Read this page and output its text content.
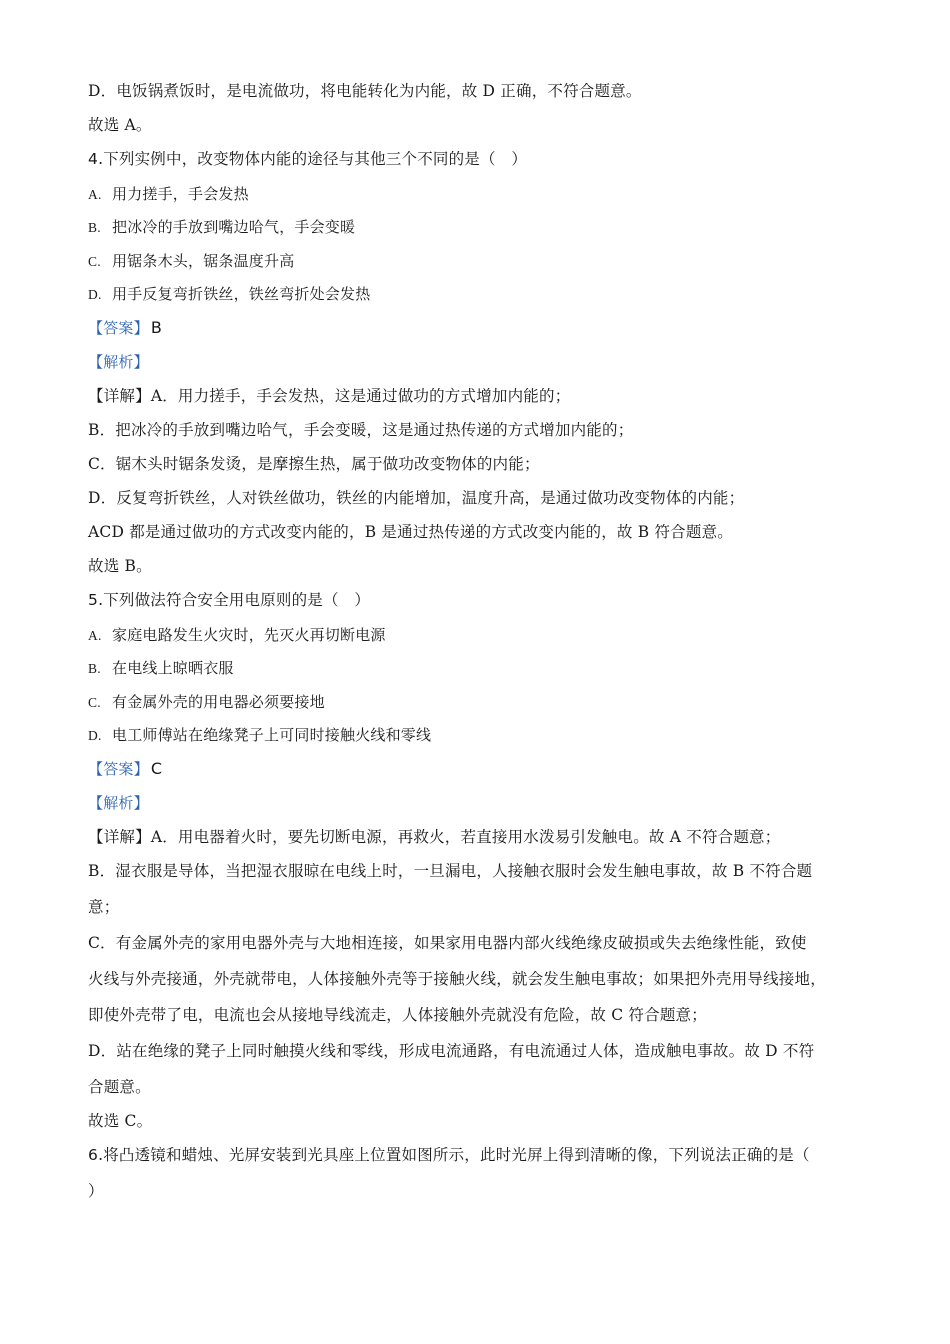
D．电饭锅煮饭时，是电流做功，将电能转化为内能，故 D 正确，不符合题意。
故选 A。
4.下列实例中，改变物体内能的途径与其他三个不同的是（　）
A. 用力搓手，手会发热
B. 把冰冷的手放到嘴边哈气，手会变暖
C. 用锯条木头，锯条温度升高
D. 用手反复弯折铁丝，铁丝弯折处会发热
【答案】 B
【解析】
【详解】A．用力搓手，手会发热，这是通过做功的方式增加内能的；
B．把冰冷的手放到嘴边哈气，手会变暖，这是通过热传递的方式增加内能的；
C．锯木头时锯条发烫，是摩擦生热，属于做功改变物体的内能；
D．反复弯折铁丝，人对铁丝做功，铁丝的内能增加，温度升高，是通过做功改变物体的内能；
ACD 都是通过做功的方式改变内能的，B 是通过热传递的方式改变内能的，故 B 符合题意。
故选 B。
5.下列做法符合安全用电原则的是（　）
A. 家庭电路发生火灾时，先灭火再切断电源
B. 在电线上晾晒衣服
C. 有金属外壳的用电器必须要接地
D. 电工师傅站在绝缘凳子上可同时接触火线和零线
【答案】 C
【解析】
【详解】A．用电器着火时，要先切断电源，再救火，若直接用水泼易引发触电。故 A 不符合题意；
B．湿衣服是导体，当把湿衣服晾在电线上时，一旦漏电，人接触衣服时会发生触电事故，故 B 不符合题
意；
C．有金属外壳的家用电器外壳与大地相连接，如果家用电器内部火线绝缘皮破损或失去绝缘性能，致使
火线与外壳接通，外壳就带电，人体接触外壳等于接触火线，就会发生触电事故；如果把外壳用导线接地，
即使外壳带了电，电流也会从接地导线流走，人体接触外壳就没有危险，故 C 符合题意；
D．站在绝缘的凳子上同时触摸火线和零线，形成电流通路，有电流通过人体，造成触电事故。故 D 不符
合题意。
故选 C。
6.将凸透镜和蜡烛、光屏安装到光具座上位置如图所示，此时光屏上得到清晰的像，下列说法正确的是（
）
